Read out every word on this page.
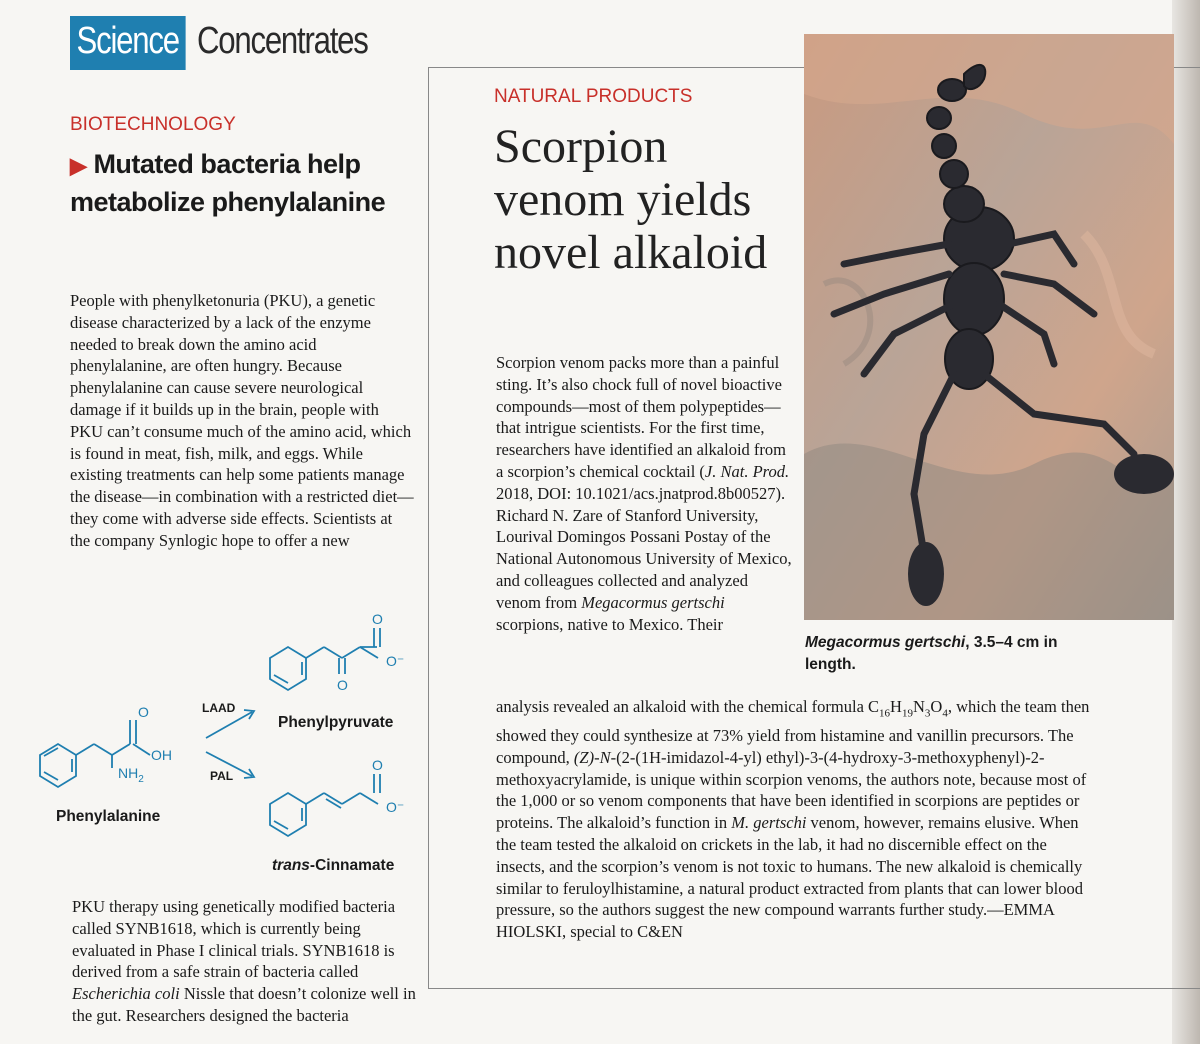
Science Concentrates
BIOTECHNOLOGY
▶ Mutated bacteria help metabolize phenylalanine
People with phenylketonuria (PKU), a genetic disease characterized by a lack of the enzyme needed to break down the amino acid phenylalanine, are often hungry. Because phenylalanine can cause severe neurological damage if it builds up in the brain, people with PKU can’t consume much of the amino acid, which is found in meat, fish, milk, and eggs. While existing treatments can help some patients manage the disease—in combination with a restricted diet—they come with adverse side effects. Scientists at the company Synlogic hope to offer a new
O
OH
$NH_2$
Phenylalanine
LAAD
PAL
O
O
O⁻
Phenylpyruvate
O
O⁻
trans-Cinnamate
PKU therapy using genetically modified bacteria called SYNB1618, which is currently being evaluated in Phase I clinical trials. SYNB1618 is derived from a safe strain of bacteria called Escherichia coli Nissle that doesn’t colonize well in the gut. Researchers designed the bacteria
Megacormus gertschi, 3.5–4 cm in length.
NATURAL PRODUCTS
Scorpion venom yields novel alkaloid
Scorpion venom packs more than a painful sting. It’s also chock full of novel bioactive compounds—most of them polypeptides—that intrigue scientists. For the first time, researchers have identified an alkaloid from a scorpion’s chemical cocktail (J. Nat. Prod. 2018, DOI: 10.1021/acs.jnatprod.8b00527). Richard N. Zare of Stanford University, Lourival Domingos Possani Postay of the National Autonomous University of Mexico, and colleagues collected and analyzed venom from Megacormus gertschi scorpions, native to Mexico. Their
analysis revealed an alkaloid with the chemical formula $C_{16}H_{19}N_3O_4$, which the team then showed they could synthesize at 73% yield from histamine and vanillin precursors. The compound, (Z)-N-(2-(1H-imidazol-4-yl) ethyl)-3-(4-hydroxy-3-methoxyphenyl)-2-methoxyacrylamide, is unique within scorpion venoms, the authors note, because most of the 1,000 or so venom components that have been identified in scorpions are peptides or proteins. The alkaloid’s function in M. gertschi venom, however, remains elusive. When the team tested the alkaloid on crickets in the lab, it had no discernible effect on the insects, and the scorpion’s venom is not toxic to humans. The new alkaloid is chemically similar to feruloylhistamine, a natural product extracted from plants that can lower blood pressure, so the authors suggest the new compound warrants further study.—EMMA HIOLSKI, special to C&EN
